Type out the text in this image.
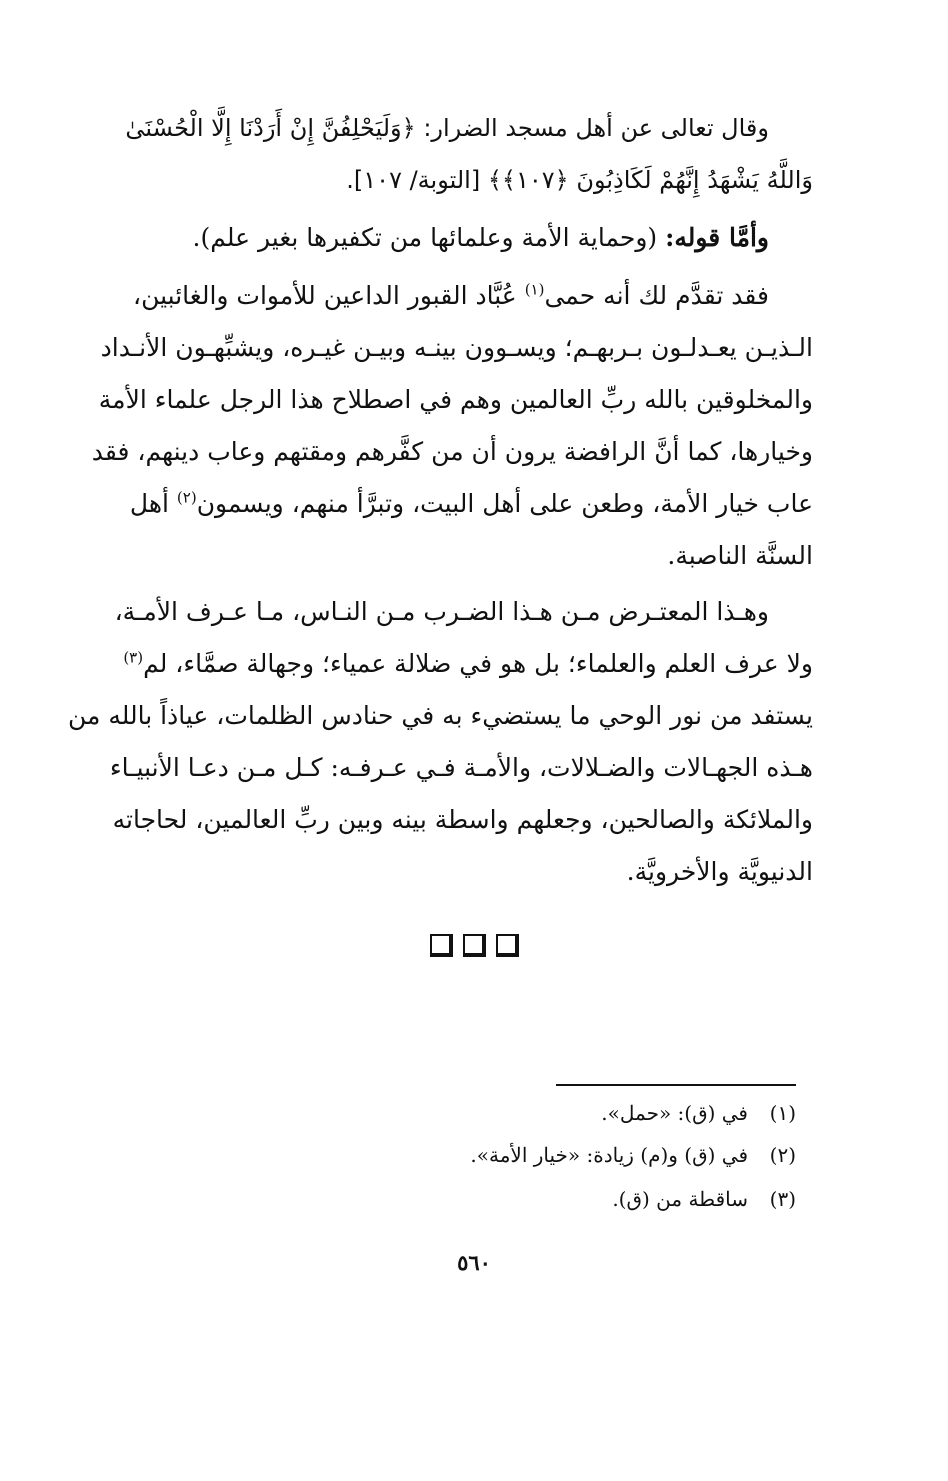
وقال تعالى عن أهل مسجد الضرار: ﴿وَلَيَحْلِفُنَّ إِنْ أَرَدْنَا إِلَّا الْحُسْنَىٰ
وَاللَّهُ يَشْهَدُ إِنَّهُمْ لَكَاذِبُونَ ﴿١٠٧﴾﴾ [التوبة/ ١٠٧].
وأمَّا قوله: (وحماية الأمة وعلمائها من تكفيرها بغير علم).
فقد تقدَّم لك أنه حمى$^{(١)}$ عُبَّاد القبور الداعين للأموات والغائبين،
الـذيـن يعـدلـون بـربهـم؛ ويسـوون بينـه وبيـن غيـره، ويشبِّهـون الأنـداد
والمخلوقين بالله ربِّ العالمين وهم في اصطلاح هذا الرجل علماء الأمة
وخيارها، كما أنَّ الرافضة يرون أن من كفَّرهم ومقتهم وعاب دينهم، فقد
عاب خيار الأمة، وطعن على أهل البيت، وتبرَّأ منهم، ويسمون$^{(٢)}$ أهل
السنَّة الناصبة.
وهـذا المعتـرض مـن هـذا الضـرب مـن النـاس، مـا عـرف الأمـة،
ولا عرف العلم والعلماء؛ بل هو في ضلالة عمياء؛ وجهالة صمَّاء، لم$^{(٣)}$
يستفد من نور الوحي ما يستضيء به في حنادس الظلمات، عياذاً بالله من
هـذه الجهـالات والضـلالات، والأمـة فـي عـرفـه: كـل مـن دعـا الأنبيـاء
والملائكة والصالحين، وجعلهم واسطة بينه وبين ربِّ العالمين، لحاجاته
الدنيويَّة والأخرويَّة.
(١)في (ق): «حمل».
(٢)في (ق) و(م) زيادة: «خيار الأمة».
(٣)ساقطة من (ق).
٥٦٠
